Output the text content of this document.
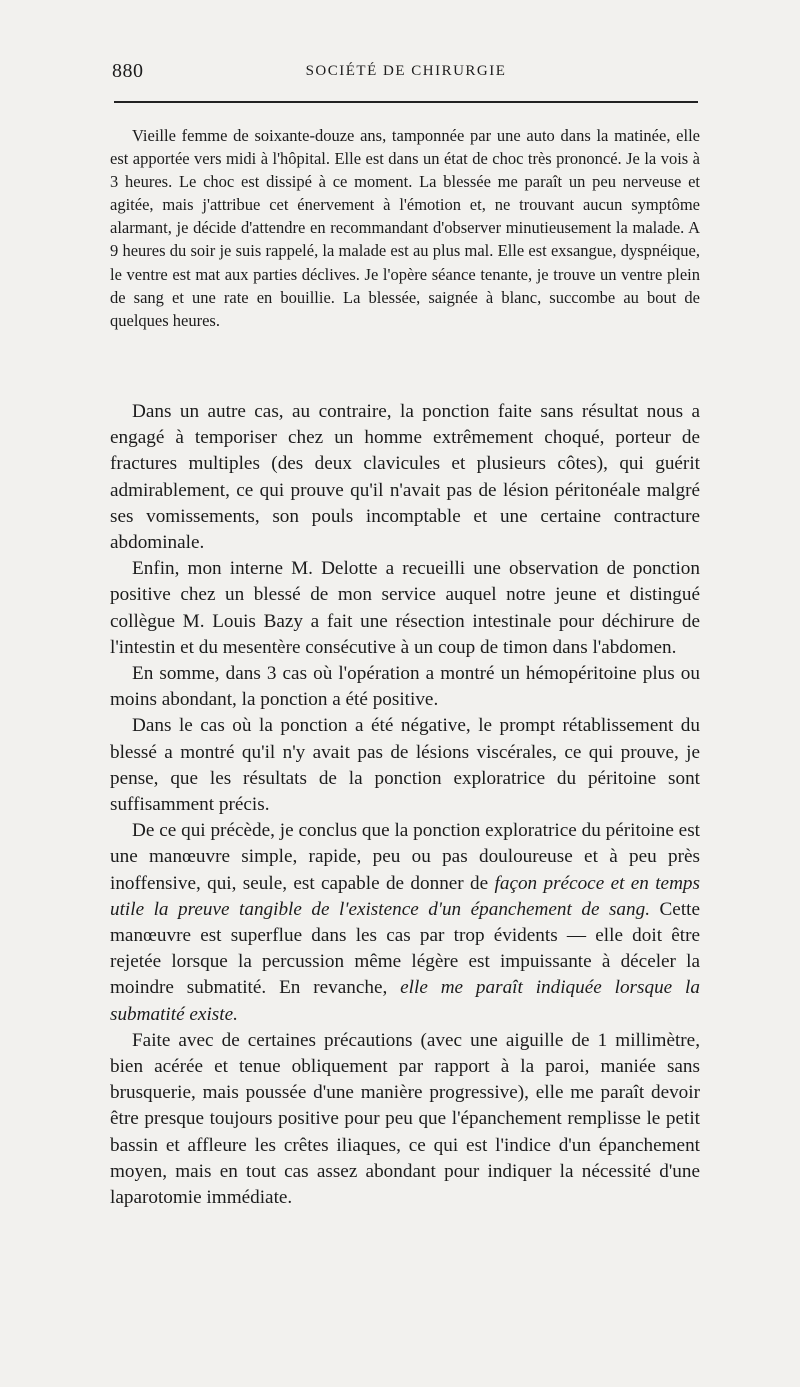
880	SOCIÉTÉ DE CHIRURGIE

Vieille femme de soixante-douze ans, tamponnée par une auto dans la matinée, elle est apportée vers midi à l'hôpital. Elle est dans un état de choc très prononcé. Je la vois à 3 heures. Le choc est dissipé à ce moment. La blessée me paraît un peu nerveuse et agitée, mais j'attribue cet énervement à l'émotion et, ne trouvant aucun symptôme alarmant, je décide d'attendre en recommandant d'observer minutieusement la malade. A 9 heures du soir je suis rappelé, la malade est au plus mal. Elle est exsangue, dyspnéique, le ventre est mat aux parties déclives. Je l'opère séance tenante, je trouve un ventre plein de sang et une rate en bouillie. La blessée, saignée à blanc, succombe au bout de quelques heures.

Dans un autre cas, au contraire, la ponction faite sans résultat nous a engagé à temporiser chez un homme extrêmement choqué, porteur de fractures multiples (des deux clavicules et plusieurs côtes), qui guérit admirablement, ce qui prouve qu'il n'avait pas de lésion péritonéale malgré ses vomissements, son pouls incomptable et une certaine contracture abdominale.

Enfin, mon interne M. Delotte a recueilli une observation de ponction positive chez un blessé de mon service auquel notre jeune et distingué collègue M. Louis Bazy a fait une résection intestinale pour déchirure de l'intestin et du mesentère consécutive à un coup de timon dans l'abdomen.

En somme, dans 3 cas où l'opération a montré un hémopéritoine plus ou moins abondant, la ponction a été positive.

Dans le cas où la ponction a été négative, le prompt rétablissement du blessé a montré qu'il n'y avait pas de lésions viscérales, ce qui prouve, je pense, que les résultats de la ponction exploratrice du péritoine sont suffisamment précis.

De ce qui précède, je conclus que la ponction exploratrice du péritoine est une manœuvre simple, rapide, peu ou pas douloureuse et à peu près inoffensive, qui, seule, est capable de donner de façon précoce et en temps utile la preuve tangible de l'existence d'un épanchement de sang. Cette manœuvre est superflue dans les cas par trop évidents — elle doit être rejetée lorsque la percussion même légère est impuissante à déceler la moindre submatité. En revanche, elle me paraît indiquée lorsque la submatité existe.

Faite avec de certaines précautions (avec une aiguille de 1 millimètre, bien acérée et tenue obliquement par rapport à la paroi, maniée sans brusquerie, mais poussée d'une manière progressive), elle me paraît devoir être presque toujours positive pour peu que l'épanchement remplisse le petit bassin et affleure les crêtes iliaques, ce qui est l'indice d'un épanchement moyen, mais en tout cas assez abondant pour indiquer la nécessité d'une laparotomie immédiate.
